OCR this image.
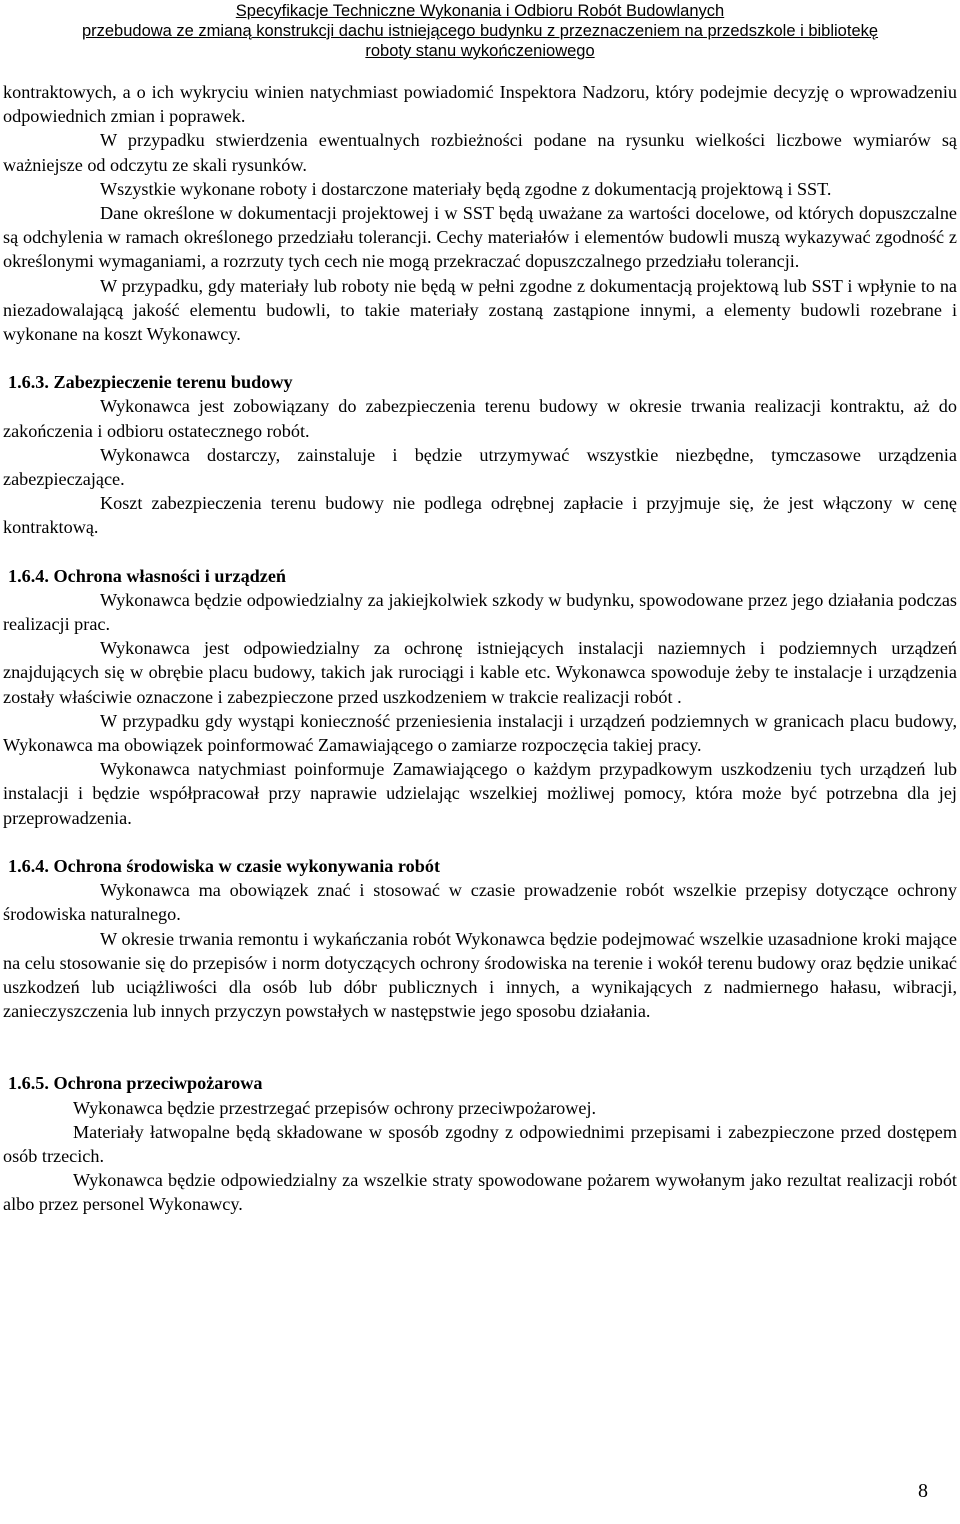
Specyfikacje Techniczne Wykonania i Odbioru Robót Budowlanych
przebudowa ze zmianą konstrukcji dachu istniejącego budynku z przeznaczeniem na przedszkole i bibliotekę
roboty stanu wykończeniowego

kontraktowych, a o ich wykryciu winien natychmiast powiadomić Inspektora Nadzoru, który podejmie decyzję o wprowadzeniu odpowiednich zmian i poprawek.

W przypadku stwierdzenia ewentualnych rozbieżności podane na rysunku wielkości liczbowe wymiarów są ważniejsze od odczytu ze skali rysunków.

Wszystkie wykonane roboty i dostarczone materiały będą zgodne z dokumentacją projektową i SST.

Dane określone w dokumentacji projektowej i w SST będą uważane za wartości docelowe, od których dopuszczalne są odchylenia w ramach określonego przedziału tolerancji. Cechy materiałów i elementów budowli muszą wykazywać zgodność z określonymi wymaganiami, a rozrzuty tych cech nie mogą przekraczać dopuszczalnego przedziału tolerancji.

W przypadku, gdy materiały lub roboty nie będą w pełni zgodne z dokumentacją projektową lub SST i wpłynie to na niezadowalającą jakość elementu budowli, to takie materiały zostaną zastąpione innymi, a elementy budowli rozebrane i wykonane na koszt Wykonawcy.

1.6.3. Zabezpieczenie terenu budowy

Wykonawca jest zobowiązany do zabezpieczenia terenu budowy w okresie trwania realizacji kontraktu, aż do zakończenia i odbioru ostatecznego robót.

Wykonawca dostarczy, zainstaluje i będzie utrzymywać wszystkie niezbędne, tymczasowe urządzenia zabezpieczające.

Koszt zabezpieczenia terenu budowy nie podlega odrębnej zapłacie i przyjmuje się, że jest włączony w cenę kontraktową.

1.6.4. Ochrona własności i urządzeń

Wykonawca będzie odpowiedzialny za jakiejkolwiek szkody w budynku, spowodowane przez jego działania podczas realizacji prac.

Wykonawca jest odpowiedzialny za ochronę istniejących instalacji naziemnych i podziemnych urządzeń znajdujących się w obrębie placu budowy, takich jak rurociągi i kable etc. Wykonawca spowoduje żeby te instalacje i urządzenia zostały właściwie oznaczone i zabezpieczone przed uszkodzeniem w trakcie realizacji robót .

W przypadku gdy wystąpi konieczność przeniesienia instalacji i urządzeń podziemnych w granicach placu budowy, Wykonawca ma obowiązek poinformować Zamawiającego o zamiarze rozpoczęcia takiej pracy.

Wykonawca natychmiast poinformuje Zamawiającego o każdym przypadkowym uszkodzeniu tych urządzeń lub instalacji i będzie współpracował przy naprawie udzielając wszelkiej możliwej pomocy, która może być potrzebna dla jej przeprowadzenia.

1.6.4. Ochrona środowiska w czasie wykonywania robót

Wykonawca ma obowiązek znać i stosować w czasie prowadzenie robót wszelkie przepisy dotyczące ochrony środowiska naturalnego.

W okresie trwania remontu i wykańczania robót Wykonawca będzie podejmować wszelkie uzasadnione kroki mające na celu stosowanie się do przepisów i norm dotyczących ochrony środowiska na terenie i wokół terenu budowy oraz będzie unikać uszkodzeń lub uciążliwości dla osób lub dóbr publicznych i innych, a wynikających z nadmiernego hałasu, wibracji, zanieczyszczenia lub innych przyczyn powstałych w następstwie jego sposobu działania.

1.6.5. Ochrona przeciwpożarowa

Wykonawca będzie przestrzegać przepisów ochrony przeciwpożarowej.

Materiały łatwopalne będą składowane w sposób zgodny z odpowiednimi przepisami i zabezpieczone przed dostępem osób trzecich.

Wykonawca będzie odpowiedzialny za wszelkie straty spowodowane pożarem wywołanym jako rezultat realizacji robót albo przez personel Wykonawcy.

8
